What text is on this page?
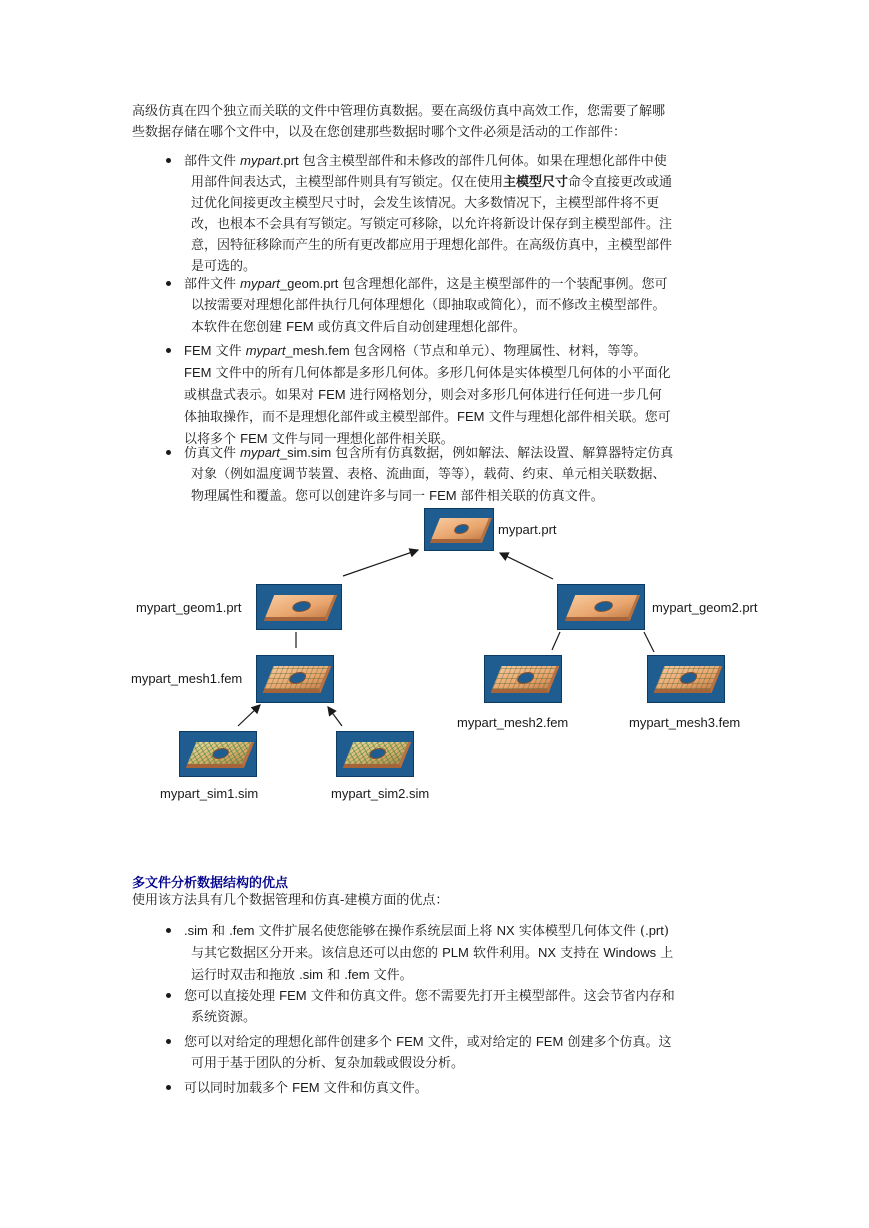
高级仿真在四个独立而关联的文件中管理仿真数据。要在高级仿真中高效工作，您需要了解哪
些数据存储在哪个文件中，以及在您创建那些数据时哪个文件必须是活动的工作部件：
部件文件 mypart.prt 包含主模型部件和未修改的部件几何体。如果在理想化部件中使
用部件间表达式，主模型部件则具有写锁定。仅在使用主模型尺寸命令直接更改或通
过优化间接更改主模型尺寸时，会发生该情况。大多数情况下，主模型部件将不更
改，也根本不会具有写锁定。写锁定可移除，以允许将新设计保存到主模型部件。注
意，因特征移除而产生的所有更改都应用于理想化部件。在高级仿真中，主模型部件
是可选的。
部件文件 mypart_geom.prt 包含理想化部件，这是主模型部件的一个装配事例。您可
以按需要对理想化部件执行几何体理想化（即抽取或简化），而不修改主模型部件。
本软件在您创建 FEM 或仿真文件后自动创建理想化部件。
FEM 文件 mypart_mesh.fem 包含网格（节点和单元）、物理属性、材料，等等。
FEM 文件中的所有几何体都是多形几何体。多形几何体是实体模型几何体的小平面化
或棋盘式表示。如果对 FEM 进行网格划分，则会对多形几何体进行任何进一步几何
体抽取操作，而不是理想化部件或主模型部件。FEM 文件与理想化部件相关联。您可
以将多个 FEM 文件与同一理想化部件相关联。
仿真文件 mypart_sim.sim 包含所有仿真数据，例如解法、解法设置、解算器特定仿真
对象（例如温度调节装置、表格、流曲面，等等），载荷、约束、单元相关联数据、
物理属性和覆盖。您可以创建许多与同一 FEM 部件相关联的仿真文件。
mypart.prt
mypart_geom1.prt	mypart_geom2.prt
mypart_mesh1.fem
mypart_mesh2.fem	mypart_mesh3.fem
mypart_sim1.sim	mypart_sim2.sim
多文件分析数据结构的优点
使用该方法具有几个数据管理和仿真-建模方面的优点：
.sim 和 .fem 文件扩展名使您能够在操作系统层面上将 NX 实体模型几何体文件 (.prt)
与其它数据区分开来。该信息还可以由您的 PLM 软件利用。NX 支持在 Windows 上
运行时双击和拖放 .sim 和 .fem 文件。
您可以直接处理 FEM 文件和仿真文件。您不需要先打开主模型部件。这会节省内存和
系统资源。
您可以对给定的理想化部件创建多个 FEM 文件，或对给定的 FEM 创建多个仿真。这
可用于基于团队的分析、复杂加载或假设分析。
可以同时加载多个 FEM 文件和仿真文件。
